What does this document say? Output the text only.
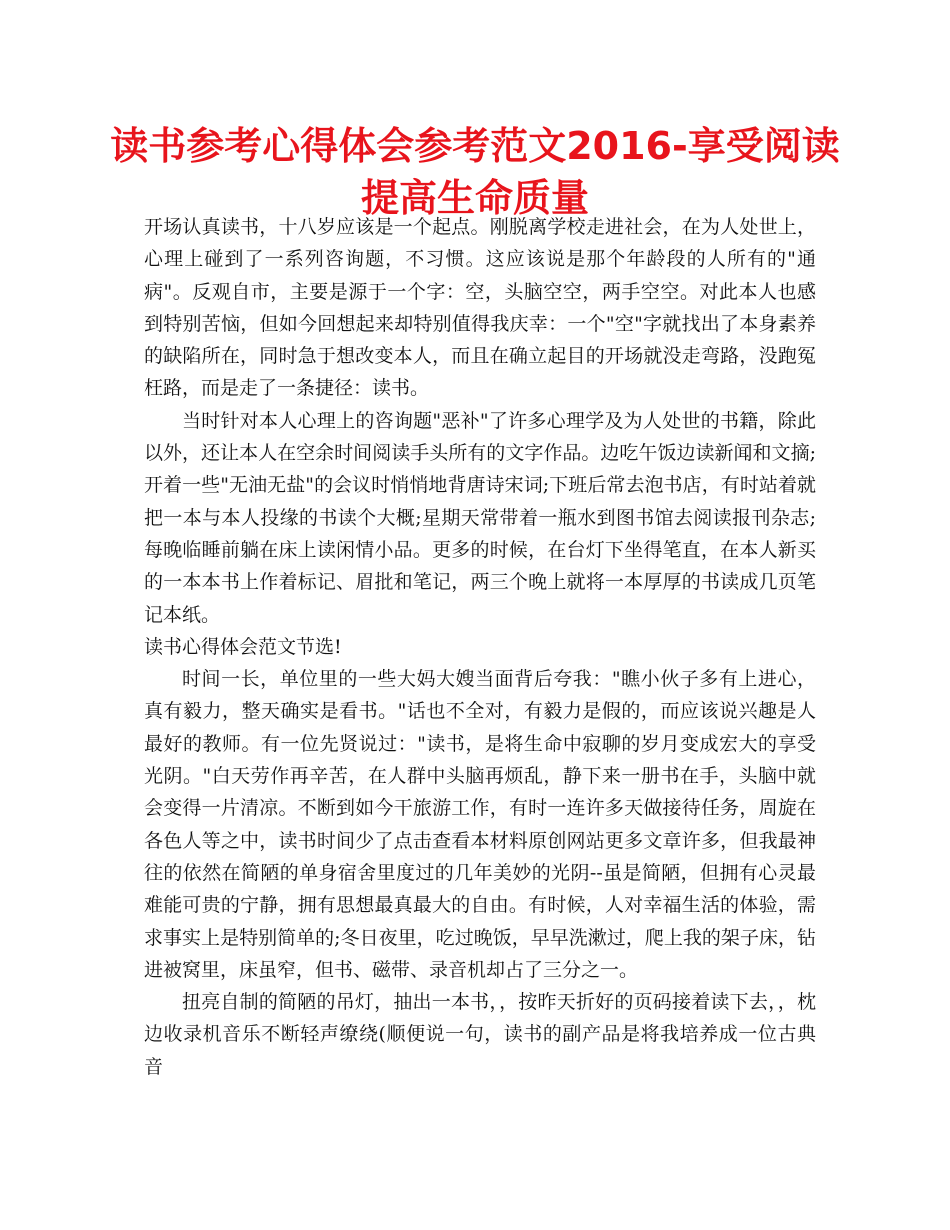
读书参考心得体会参考范文2016-享受阅读提高生命质量

开场认真读书，十八岁应该是一个起点。刚脱离学校走进社会，在为人处世上，心理上碰到了一系列咨询题，不习惯。这应该说是那个年龄段的人所有的"通病"。反观自市，主要是源于一个字：空，头脑空空，两手空空。对此本人也感到特别苦恼，但如今回想起来却特别值得我庆幸：一个"空"字就找出了本身素养的缺陷所在，同时急于想改变本人，而且在确立起目的开场就没走弯路，没跑冤枉路，而是走了一条捷径：读书。

当时针对本人心理上的咨询题"恶补"了许多心理学及为人处世的书籍，除此以外，还让本人在空余时间阅读手头所有的文字作品。边吃午饭边读新闻和文摘;开着一些"无油无盐"的会议时悄悄地背唐诗宋词;下班后常去泡书店，有时站着就把一本与本人投缘的书读个大概;星期天常带着一瓶水到图书馆去阅读报刊杂志;每晚临睡前躺在床上读闲情小品。更多的时候，在台灯下坐得笔直，在本人新买的一本本书上作着标记、眉批和笔记，两三个晚上就将一本厚厚的书读成几页笔记本纸。

读书心得体会范文节选!

时间一长，单位里的一些大妈大嫂当面背后夸我："瞧小伙子多有上进心，真有毅力，整天确实是看书。"话也不全对，有毅力是假的，而应该说兴趣是人最好的教师。有一位先贤说过："读书，是将生命中寂聊的岁月变成宏大的享受光阴。"白天劳作再辛苦，在人群中头脑再烦乱，静下来一册书在手，头脑中就会变得一片清凉。不断到如今干旅游工作，有时一连许多天做接待任务，周旋在各色人等之中，读书时间少了点击查看本材料原创网站更多文章许多，但我最神往的依然在简陋的单身宿舍里度过的几年美妙的光阴--虽是简陋，但拥有心灵最难能可贵的宁静，拥有思想最真最大的自由。有时候，人对幸福生活的体验，需求事实上是特别简单的;冬日夜里，吃过晚饭，早早洗漱过，爬上我的架子床，钻进被窝里，床虽窄，但书、磁带、录音机却占了三分之一。

扭亮自制的简陋的吊灯，抽出一本书，，按昨天折好的页码接着读下去，，枕边收录机音乐不断轻声缭绕(顺便说一句，读书的副产品是将我培养成一位古典音
